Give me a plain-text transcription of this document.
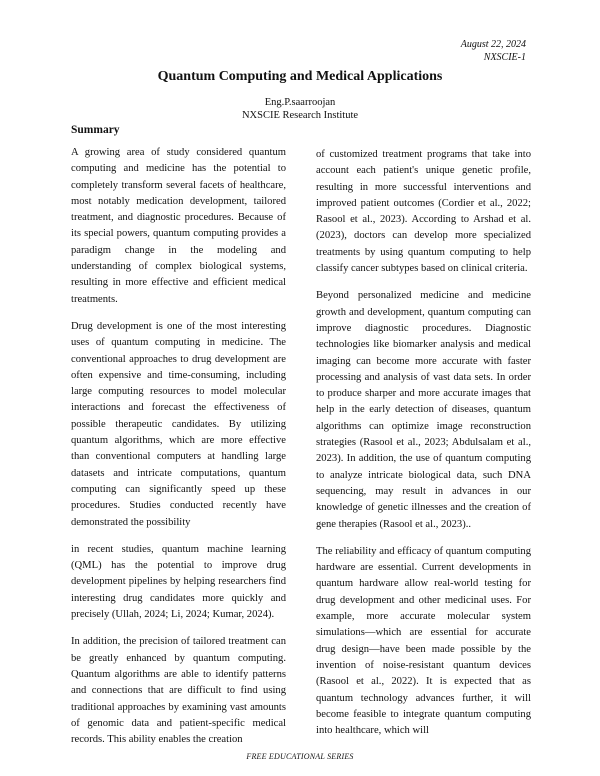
August 22, 2024
NXSCIE-1
Quantum Computing and Medical Applications
Eng.P.saarroojan
NXSCIE Research Institute
Summary

A growing area of study considered quantum computing and medicine has the potential to completely transform several facets of healthcare, most notably medication development, tailored treatment, and diagnostic procedures. Because of its special powers, quantum computing provides a paradigm change in the modeling and understanding of complex biological systems, resulting in more effective and efficient medical treatments.

Drug development is one of the most interesting uses of quantum computing in medicine. The conventional approaches to drug development are often expensive and time-consuming, including large computing resources to model molecular interactions and forecast the effectiveness of possible therapeutic candidates. By utilizing quantum algorithms, which are more effective than conventional computers at handling large datasets and intricate computations, quantum computing can significantly speed up these procedures. Studies conducted recently have demonstrated the possibility

in recent studies, quantum machine learning (QML) has the potential to improve drug development pipelines by helping researchers find interesting drug candidates more quickly and precisely (Ullah, 2024; Li, 2024; Kumar, 2024).

In addition, the precision of tailored treatment can be greatly enhanced by quantum computing. Quantum algorithms are able to identify patterns and connections that are difficult to find using traditional approaches by examining vast amounts of genomic data and patient-specific medical records. This ability enables the creation

of customized treatment programs that take into account each patient's unique genetic profile, resulting in more successful interventions and improved patient outcomes (Cordier et al., 2022; Rasool et al., 2023). According to Arshad et al. (2023), doctors can develop more specialized treatments by using quantum computing to help classify cancer subtypes based on clinical criteria.

Beyond personalized medicine and medicine growth and development, quantum computing can improve diagnostic procedures. Diagnostic technologies like biomarker analysis and medical imaging can become more accurate with faster processing and analysis of vast data sets. In order to produce sharper and more accurate images that help in the early detection of diseases, quantum algorithms can optimize image reconstruction strategies (Rasool et al., 2023; Abdulsalam et al., 2023). In addition, the use of quantum computing to analyze intricate biological data, such DNA sequencing, may result in advances in our knowledge of genetic illnesses and the creation of gene therapies (Rasool et al., 2023)..

The reliability and efficacy of quantum computing hardware are essential. Current developments in quantum hardware allow real-world testing for drug development and other medicinal uses. For example, more accurate molecular system simulations—which are essential for accurate drug design—have been made possible by the invention of noise-resistant quantum devices (Rasool et al., 2022). It is expected that as quantum technology advances further, it will become feasible to integrate quantum computing into healthcare, which will

FREE EDUCATIONAL SERIES
